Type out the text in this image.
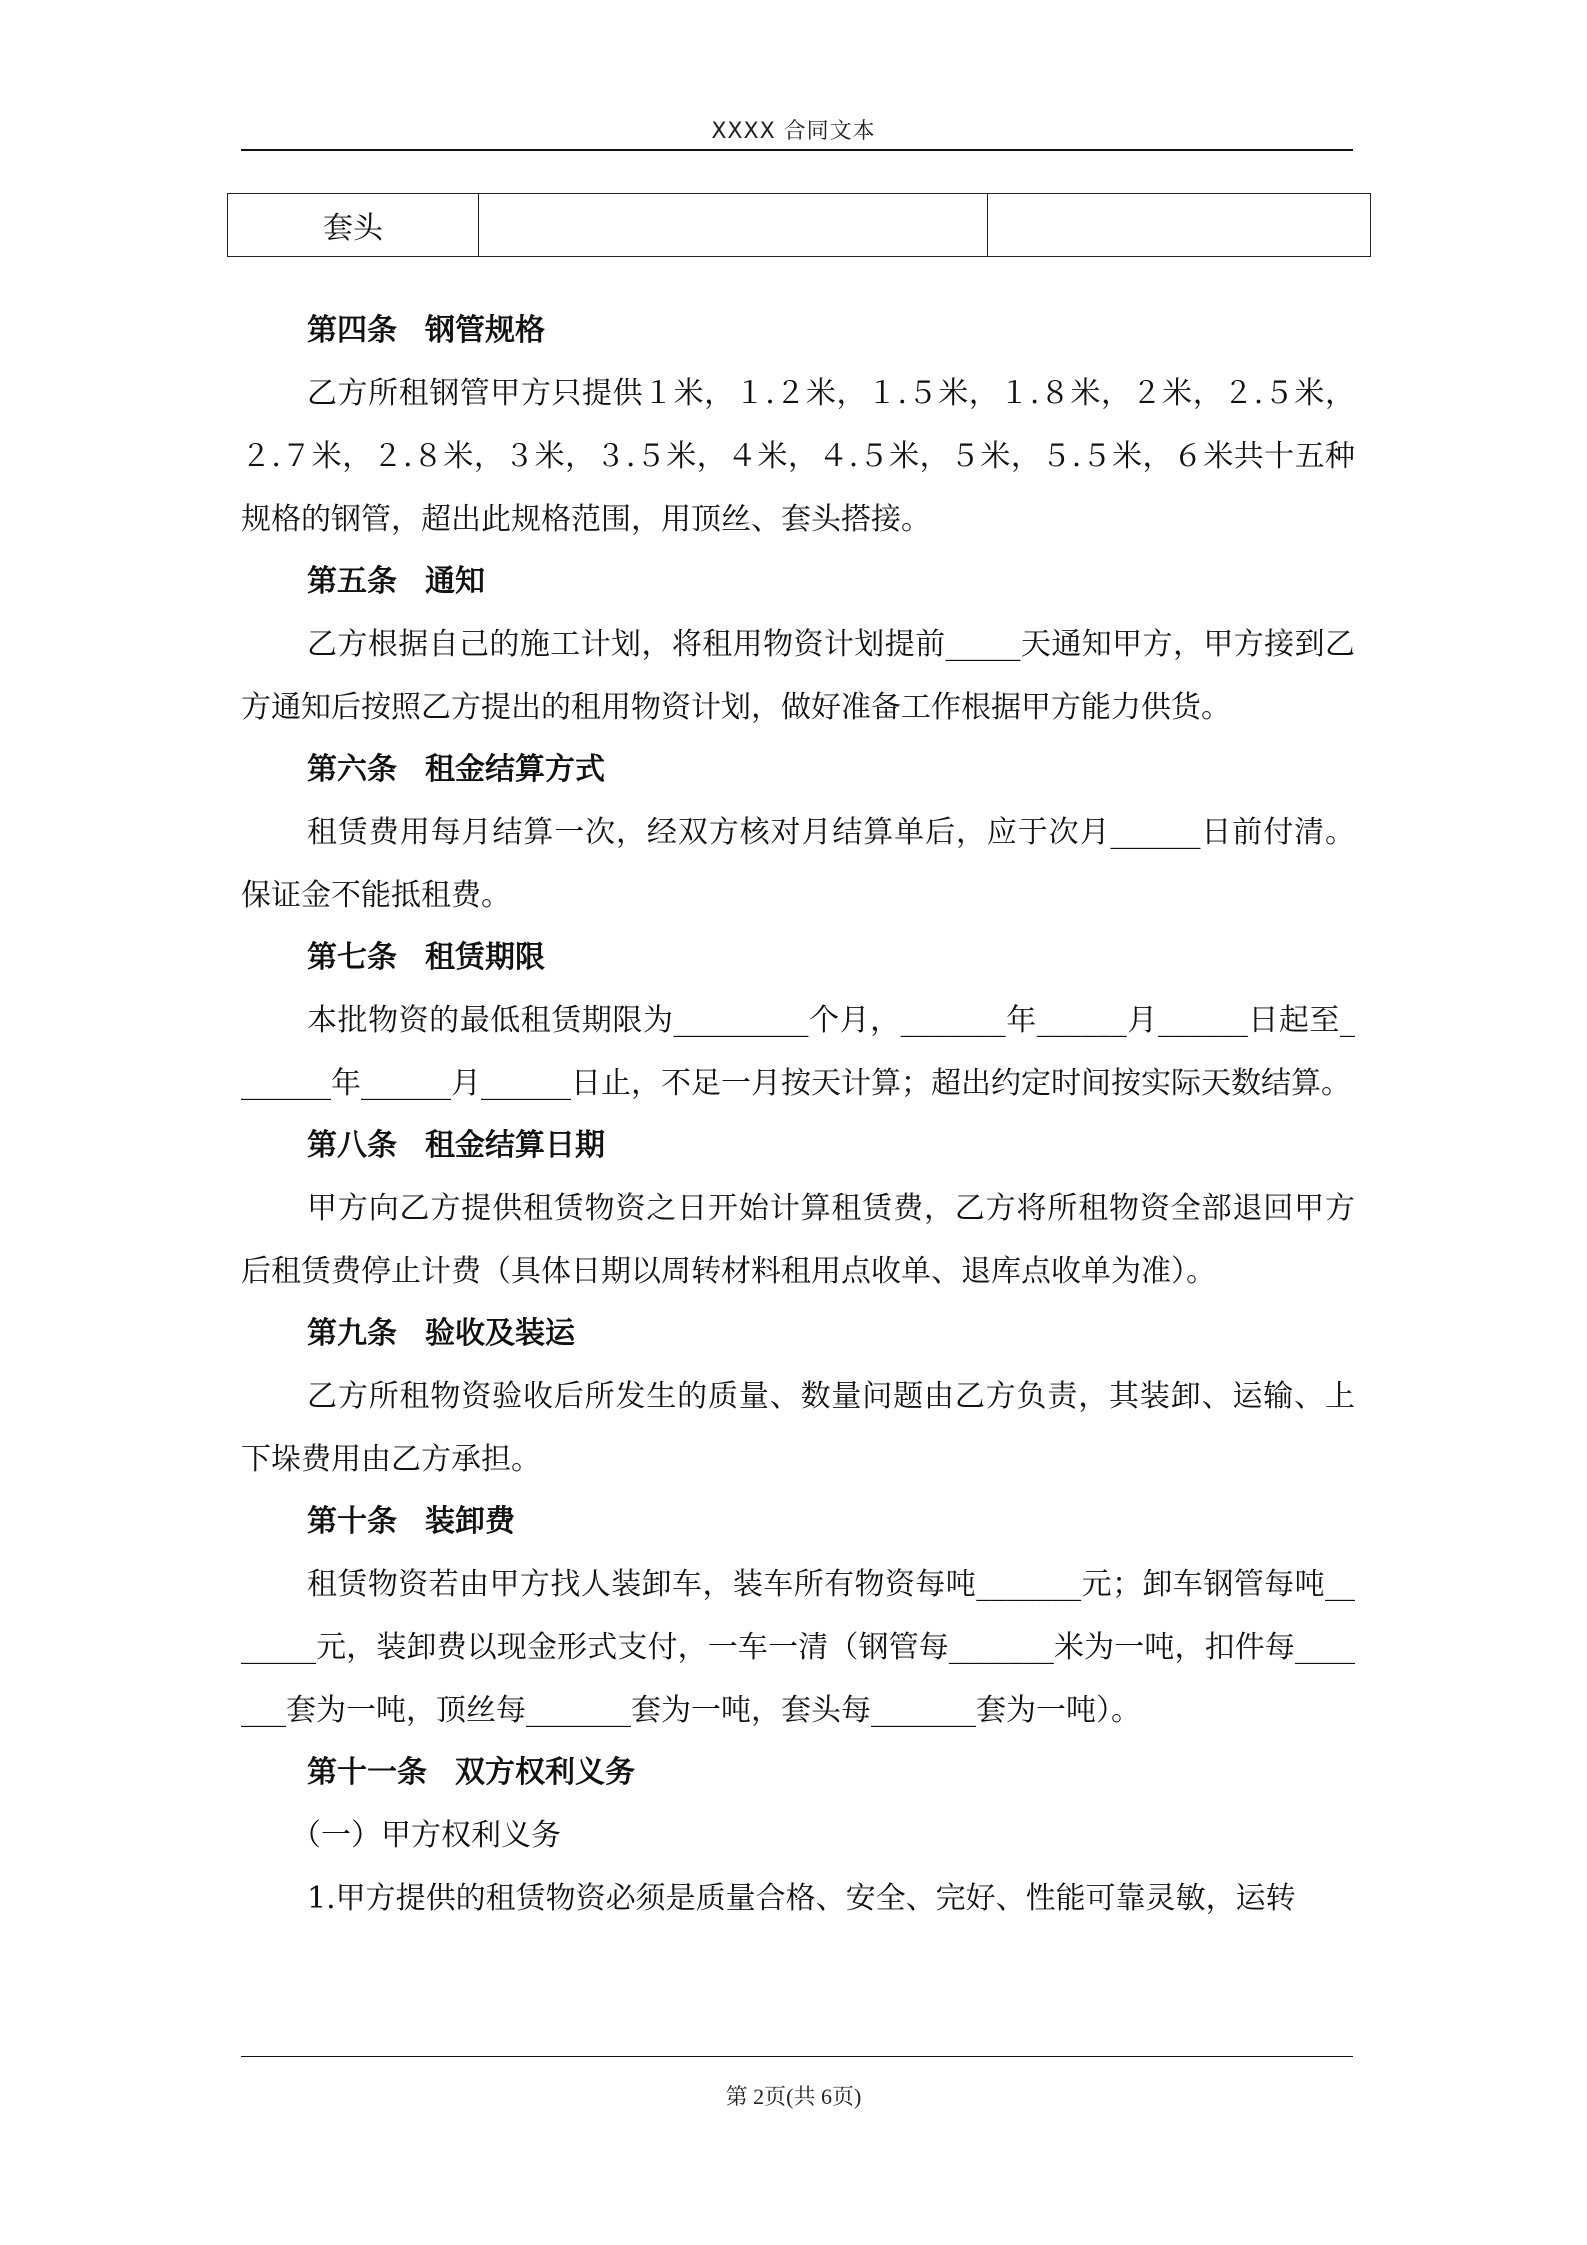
XXXX 合同文本
套头		

第四条 钢管规格

乙方所租钢管甲方只提供１米，１.２米，１.５米，１.８米，２米，２.５米，２.７米，２.８米，３米，３.５米，４米，４.５米，５米，５.５米，６米共十五种规格的钢管，超出此规格范围，用顶丝、套头搭接。

第五条 通知

乙方根据自己的施工计划，将租用物资计划提前_____天通知甲方，甲方接到乙方通知后按照乙方提出的租用物资计划，做好准备工作根据甲方能力供货。

第六条 租金结算方式

租赁费用每月结算一次，经双方核对月结算单后，应于次月______日前付清。保证金不能抵租费。

第七条 租赁期限

本批物资的最低租赁期限为_________个月，_______年______月______日起至_______年______月______日止，不足一月按天计算；超出约定时间按实际天数结算。

第八条 租金结算日期

甲方向乙方提供租赁物资之日开始计算租赁费，乙方将所租物资全部退回甲方后租赁费停止计费（具体日期以周转材料租用点收单、退库点收单为准）。

第九条 验收及装运

乙方所租物资验收后所发生的质量、数量问题由乙方负责，其装卸、运输、上下垛费用由乙方承担。

第十条 装卸费

租赁物资若由甲方找人装卸车，装车所有物资每吨_______元；卸车钢管每吨_______元，装卸费以现金形式支付，一车一清（钢管每_______米为一吨，扣件每_______套为一吨，顶丝每_______套为一吨，套头每_______套为一吨）。

第十一条 双方权利义务

（一）甲方权利义务

1.甲方提供的租赁物资必须是质量合格、安全、完好、性能可靠灵敏，运转

第 2页(共 6页)
